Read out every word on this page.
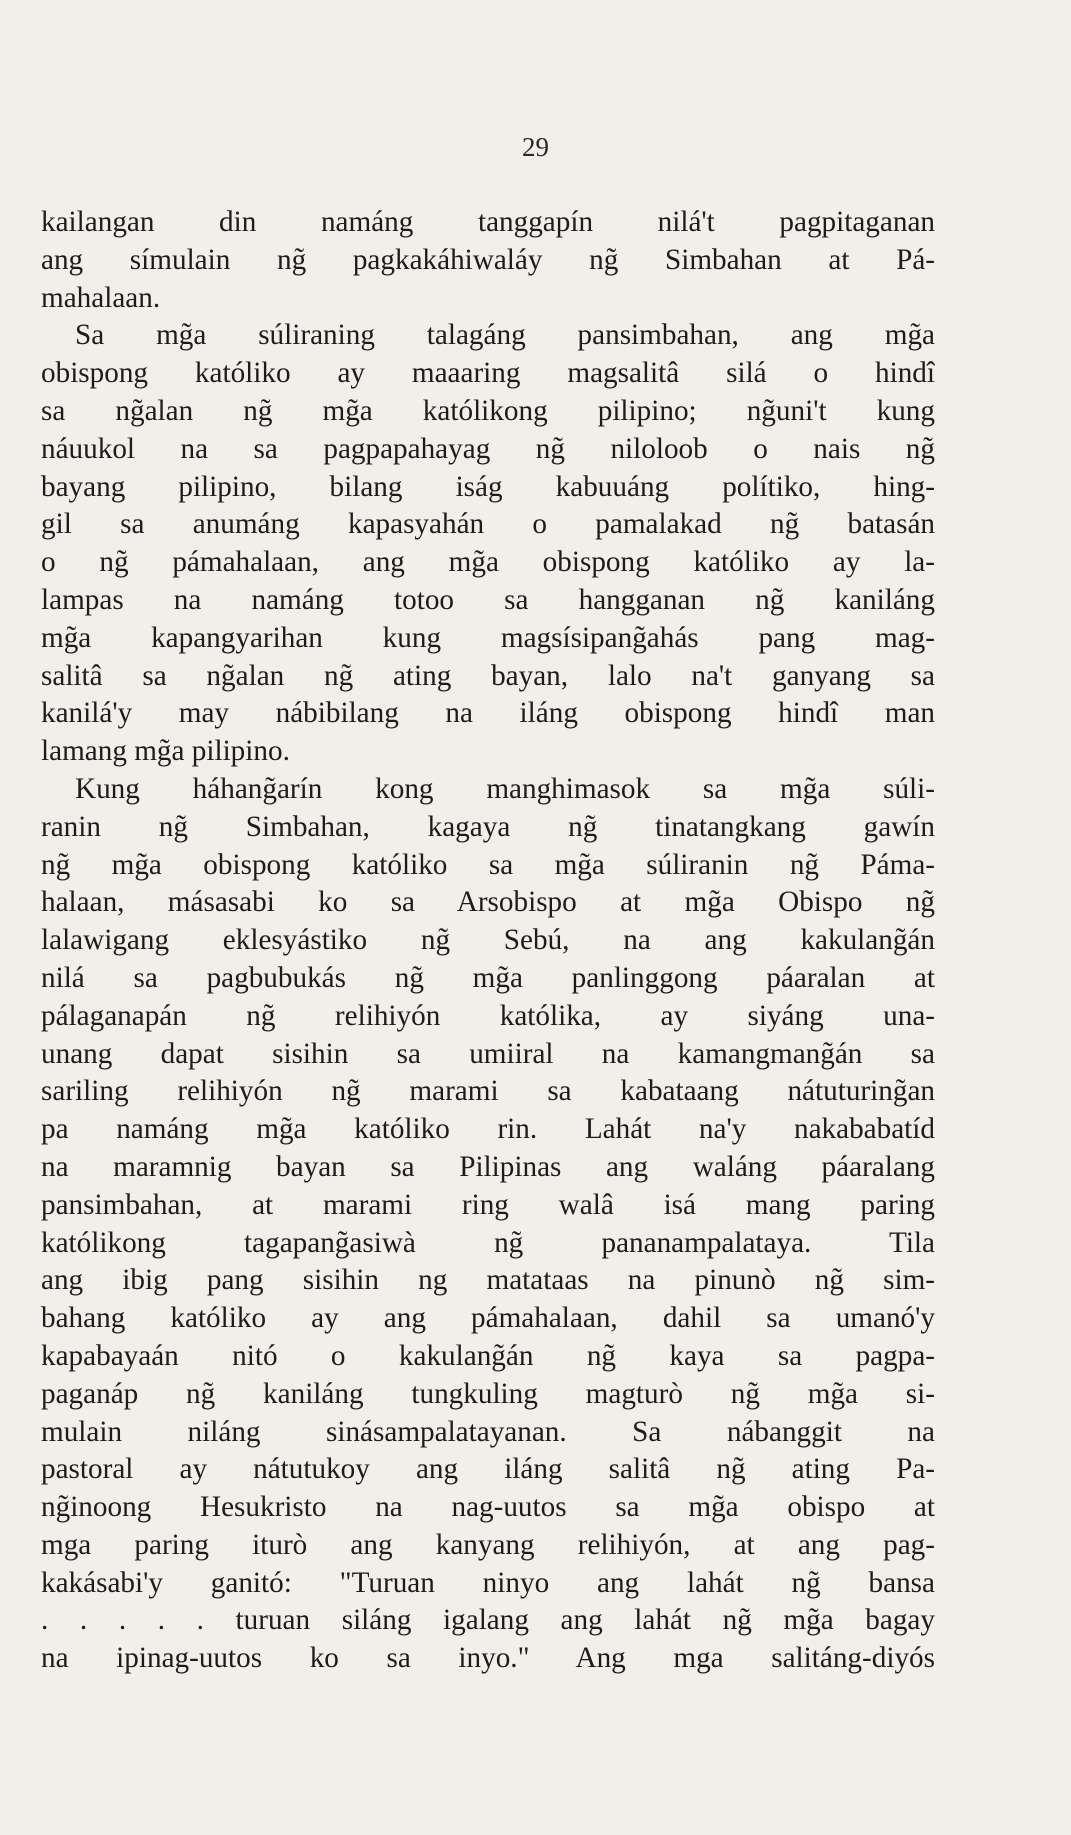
29
kailangan din namáng tanggapín nilá't pagpitaganan
ang símulain ng̃ pagkakáhiwaláy ng̃ Simbahan at Pá-
mahalaan.
Sa mg̃a súliraning talagáng pansimbahan, ang mg̃a
obispong katóliko ay maaaring magsalitâ silá o hindî
sa ng̃alan ng̃ mg̃a katólikong pilipino; ng̃uni't kung
náuukol na sa pagpapahayag ng̃ niloloob o nais ng̃
bayang pilipino, bilang iság kabuuáng polítiko, hing-
gil sa anumáng kapasyahán o pamalakad ng̃ batasán
o ng̃ pámahalaan, ang mg̃a obispong katóliko ay la-
lampas na namáng totoo sa hangganan ng̃ kaniláng
mg̃a kapangyarihan kung magsísipang̃ahás pang mag-
salitâ sa ng̃alan ng̃ ating bayan, lalo na't ganyang sa
kanilá'y may nábibilang na iláng obispong hindî man
lamang mg̃a pilipino.
Kung háhang̃arín kong manghimasok sa mg̃a súli-
ranin ng̃ Simbahan, kagaya ng̃ tinatangkang gawín
ng̃ mg̃a obispong katóliko sa mg̃a súliranin ng̃ Páma-
halaan, másasabi ko sa Arsobispo at mg̃a Obispo ng̃
lalawigang eklesyástiko ng̃ Sebú, na ang kakulang̃án
nilá sa pagbubukás ng̃ mg̃a panlinggong páaralan at
pálaganapán ng̃ relihiyón katólika, ay siyáng una-
unang dapat sisihin sa umiiral na kamangmang̃án sa
sariling relihiyón ng̃ marami sa kabataang nátuturing̃an
pa namáng mg̃a katóliko rin. Lahát na'y nakababatíd
na maramnig bayan sa Pilipinas ang waláng páaralang
pansimbahan, at marami ring walâ isá mang paring
katólikong tagapang̃asiwà ng̃ pananampalataya. Tila
ang ibig pang sisihin ng matataas na pinunò ng̃ sim-
bahang katóliko ay ang pámahalaan, dahil sa umanó'y
kapabayaán nitó o kakulang̃án ng̃ kaya sa pagpa-
paganáp ng̃ kaniláng tungkuling magturò ng̃ mg̃a si-
mulain niláng sinásampalatayanan. Sa nábanggit na
pastoral ay nátutukoy ang iláng salitâ ng̃ ating Pa-
ng̃inoong Hesukristo na nag-uutos sa mg̃a obispo at
mga paring iturò ang kanyang relihiyón, at ang pag-
kakásabi'y ganitó: "Turuan ninyo ang lahát ng̃ bansa
. . . . . turuan siláng igalang ang lahát ng̃ mg̃a bagay
na ipinag-uutos ko sa inyo." Ang mga salitáng-diyós
